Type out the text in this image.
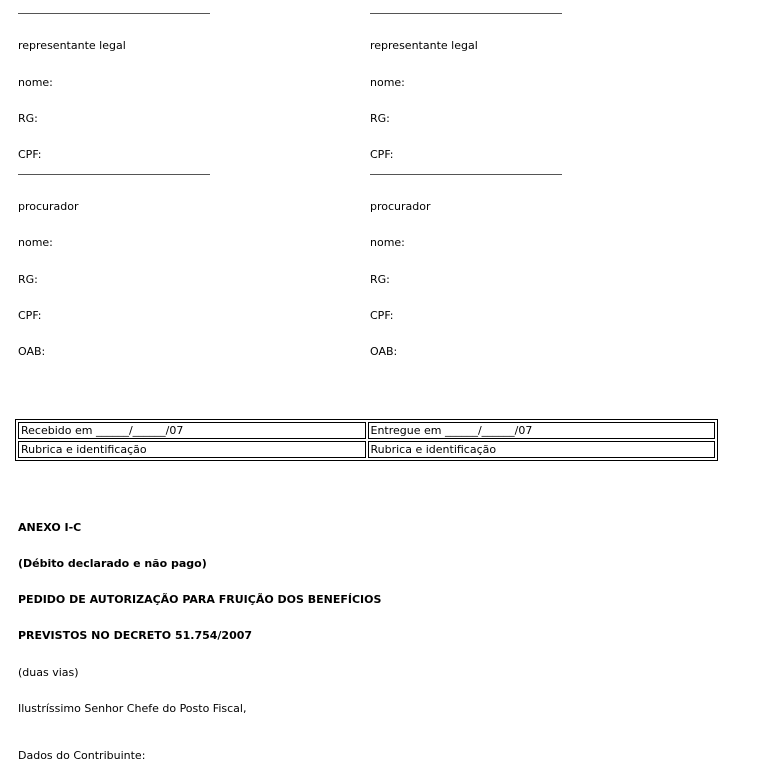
representante legal
nome:
RG:
CPF:
procurador
nome:
RG:
CPF:
OAB:
representante legal
nome:
RG:
CPF:
procurador
nome:
RG:
CPF:
OAB:
Recebido em ______/______/07	Entregue em ______/______/07
Rubrica e identificação	Rubrica e identificação
ANEXO I-C
(Débito declarado e não pago)
PEDIDO DE AUTORIZAÇÃO PARA FRUIÇÃO DOS BENEFÍCIOS
PREVISTOS NO DECRETO 51.754/2007
(duas vias)
Ilustríssimo Senhor Chefe do Posto Fiscal,
Dados do Contribuinte:
